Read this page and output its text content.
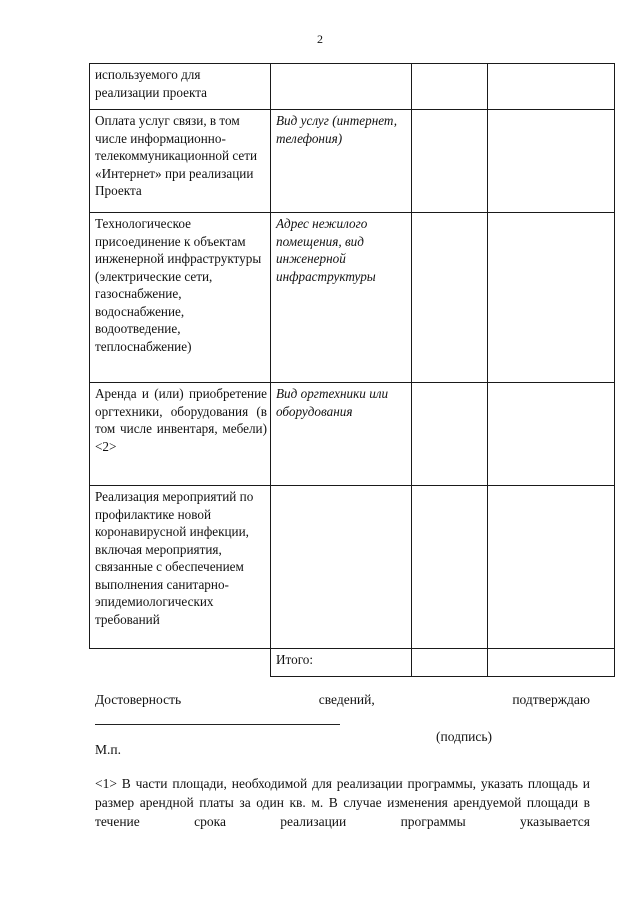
2
используемого для реализации проекта			
Оплата услуг связи, в том числе информационно-телекоммуникационной сети «Интернет» при реализации Проекта	Вид услуг (интернет, телефония)		
Технологическое присоединение к объектам инженерной инфраструктуры (электрические сети, газоснабжение, водоснабжение, водоотведение, теплоснабжение)	Адрес нежилого помещения, вид инженерной инфраструктуры		
Аренда и (или) приобретение оргтехники, оборудования (в том числе инвентаря, мебели) <2>	Вид оргтехники или оборудования		
Реализация мероприятий по профилактике новой коронавирусной инфекции, включая мероприятия, связанные с обеспечением выполнения санитарно-эпидемиологических требований			
	Итого:		
Достоверность	сведений,	подтверждаю
(подпись)
М.п.
<1> В части площади, необходимой для реализации программы, указать площадь и размер арендной платы за один кв. м. В случае изменения арендуемой площади в течение срока реализации программы указывается
